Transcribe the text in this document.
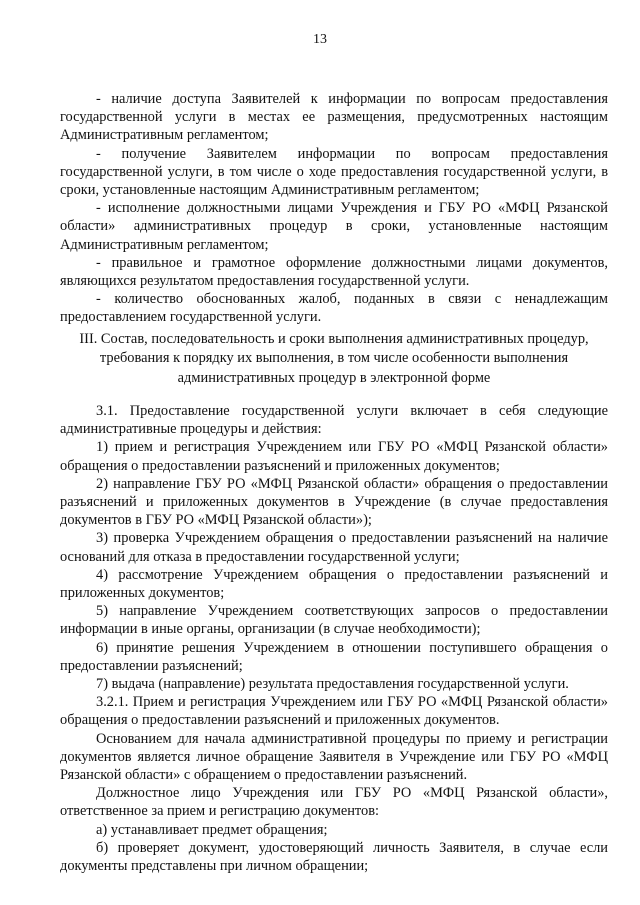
13

- наличие доступа Заявителей к информации по вопросам предоставления государственной услуги в местах ее размещения, предусмотренных настоящим Административным регламентом;

- получение Заявителем информации по вопросам предоставления государственной услуги, в том числе о ходе предоставления государственной услуги, в сроки, установленные настоящим Административным регламентом;

- исполнение должностными лицами Учреждения и ГБУ РО «МФЦ Рязанской области» административных процедур в сроки, установленные настоящим Административным регламентом;

- правильное и грамотное оформление должностными лицами документов, являющихся результатом предоставления государственной услуги.

- количество обоснованных жалоб, поданных в связи с ненадлежащим предоставлением государственной услуги.

III. Состав, последовательность и сроки выполнения административных процедур, требования к порядку их выполнения, в том числе особенности выполнения административных процедур в электронной форме

3.1. Предоставление государственной услуги включает в себя следующие административные процедуры и действия:

1) прием и регистрация Учреждением или ГБУ РО «МФЦ Рязанской области» обращения о предоставлении разъяснений и приложенных документов;

2) направление ГБУ РО «МФЦ Рязанской области» обращения о предоставлении разъяснений и приложенных документов в Учреждение (в случае предоставления документов в ГБУ РО «МФЦ Рязанской области»);

3) проверка Учреждением обращения о предоставлении разъяснений на наличие оснований для отказа в предоставлении государственной услуги;

4) рассмотрение Учреждением обращения о предоставлении разъяснений и приложенных документов;

5) направление Учреждением соответствующих запросов о предоставлении информации в иные органы, организации (в случае необходимости);

6) принятие решения Учреждением в отношении поступившего обращения о предоставлении разъяснений;

7) выдача (направление) результата предоставления государственной услуги.

3.2.1. Прием и регистрация Учреждением или ГБУ РО «МФЦ Рязанской области» обращения о предоставлении разъяснений и приложенных документов.

Основанием для начала административной процедуры по приему и регистрации документов является личное обращение Заявителя в Учреждение или ГБУ РО «МФЦ Рязанской области» с обращением о предоставлении разъяснений.

Должностное лицо Учреждения или ГБУ РО «МФЦ Рязанской области», ответственное за прием и регистрацию документов:

а) устанавливает предмет обращения;

б) проверяет документ, удостоверяющий личность Заявителя, в случае если документы представлены при личном обращении;
